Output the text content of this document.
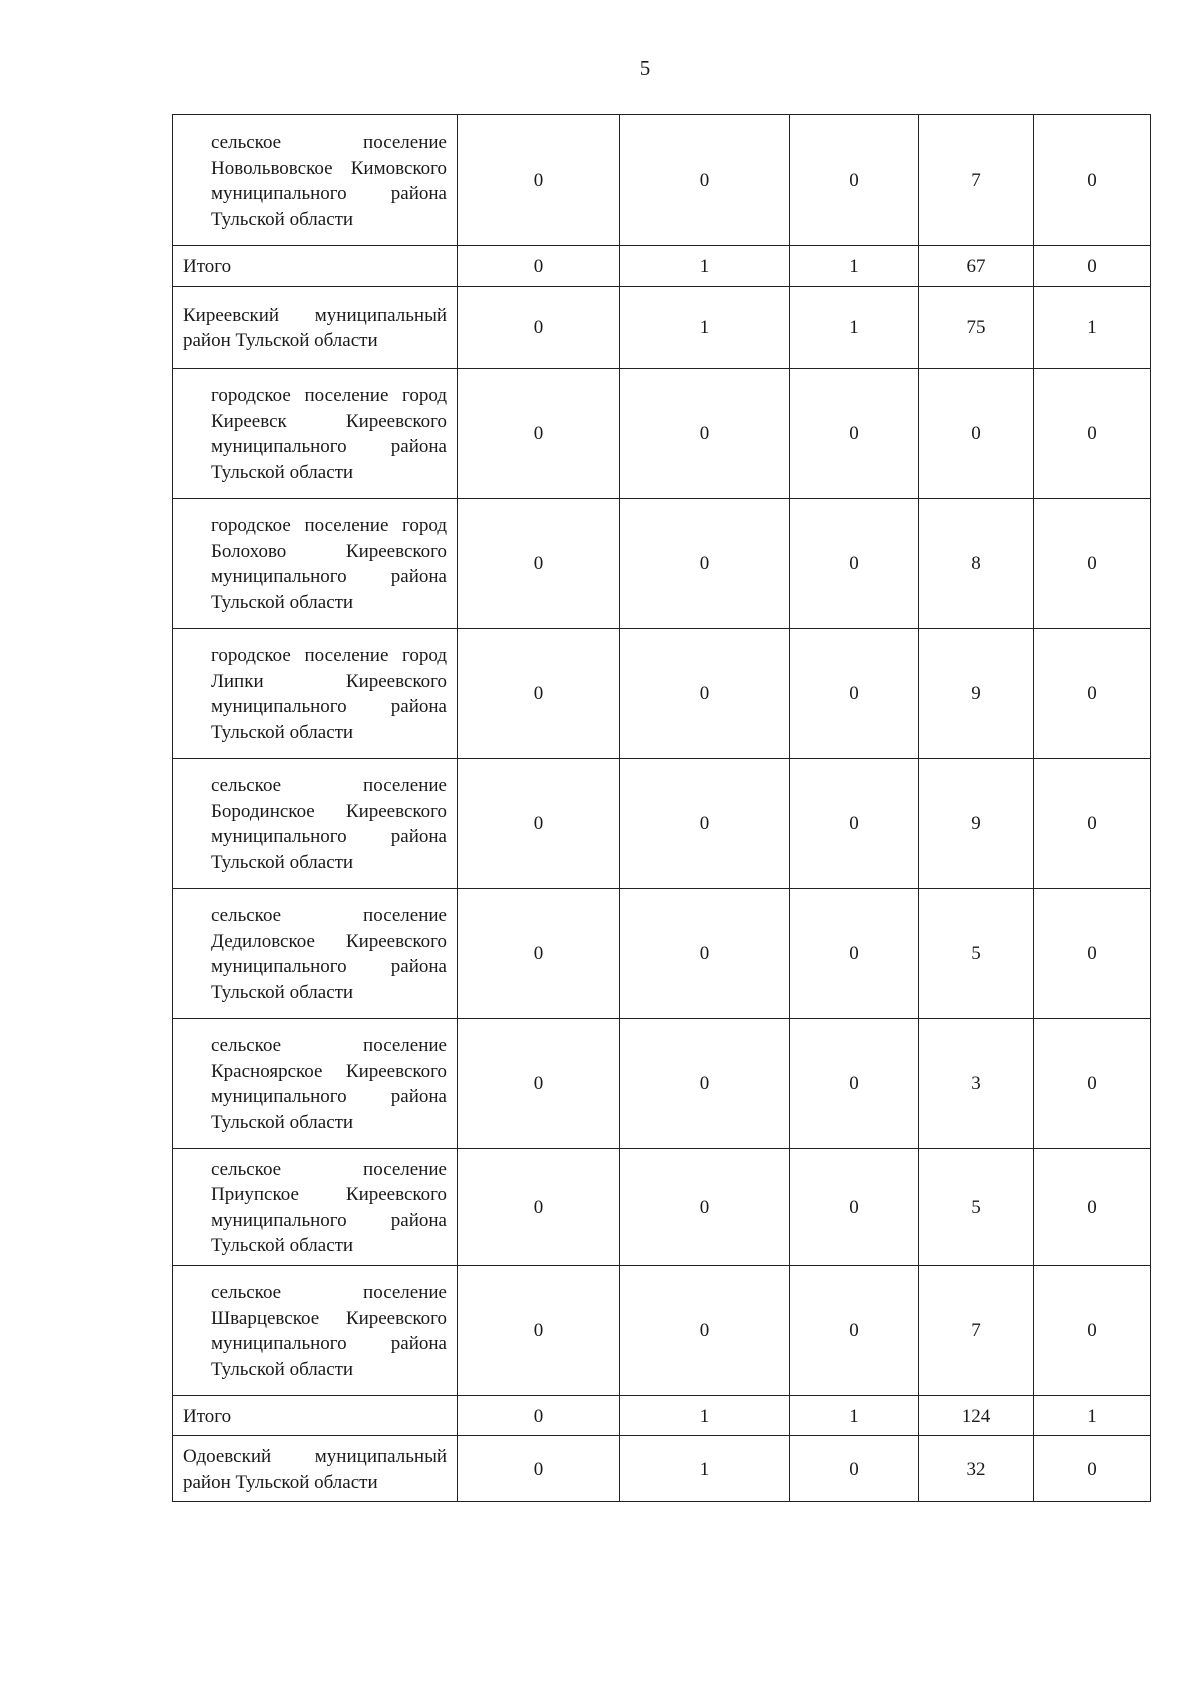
5
сельское поселение Новольвовское Кимовского муниципального района Тульской области	0	0	0	7	0
Итого	0	1	1	67	0
Киреевский муниципальный район Тульской области	0	1	1	75	1
городское поселение город Киреевск Киреевского муниципального района Тульской области	0	0	0	0	0
городское поселение город Болохово Киреевского муниципального района Тульской области	0	0	0	8	0
городское поселение город Липки Киреевского муниципального района Тульской области	0	0	0	9	0
сельское поселение Бородинское Киреевского муниципального района Тульской области	0	0	0	9	0
сельское поселение Дедиловское Киреевского муниципального района Тульской области	0	0	0	5	0
сельское поселение Красноярское Киреевского муниципального района Тульской области	0	0	0	3	0
сельское поселение Приупское Киреевского муниципального района Тульской области	0	0	0	5	0
сельское поселение Шварцевское Киреевского муниципального района Тульской области	0	0	0	7	0
Итого	0	1	1	124	1
Одоевский муниципальный район Тульской области	0	1	0	32	0
